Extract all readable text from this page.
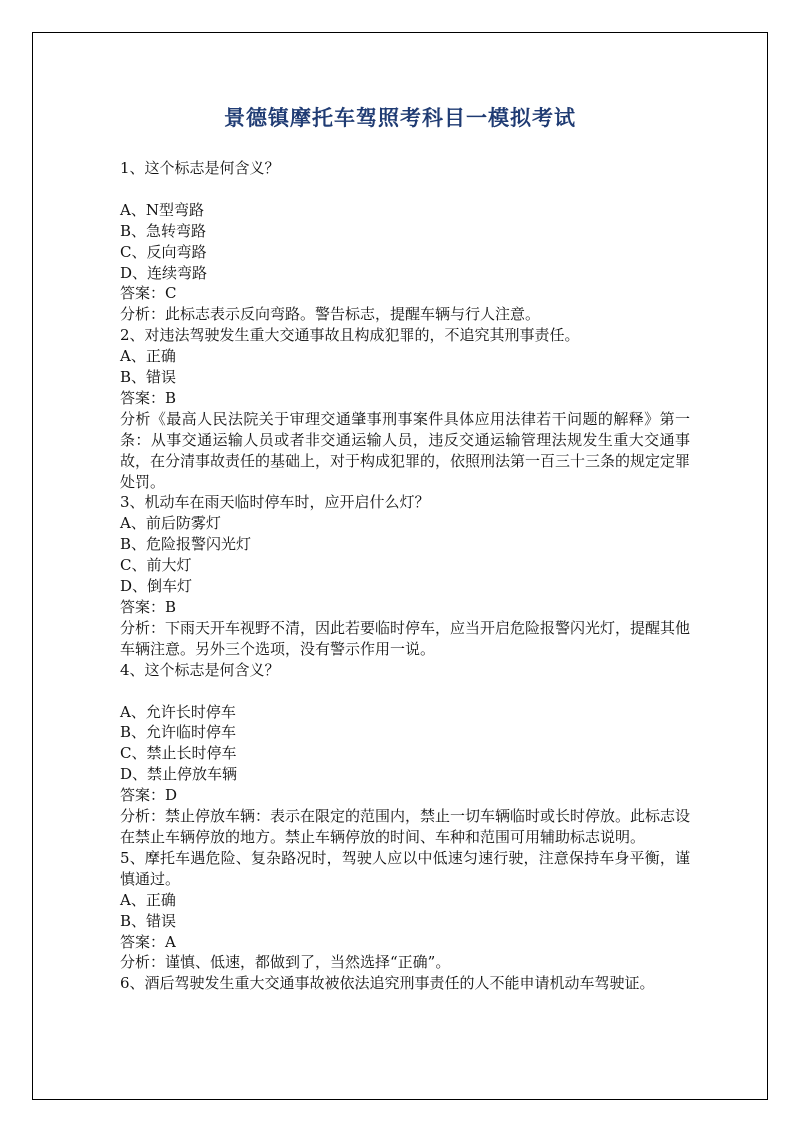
景德镇摩托车驾照考科目一模拟考试
1、这个标志是何含义？
A、N型弯路
B、急转弯路
C、反向弯路
D、连续弯路
答案：C
分析：此标志表示反向弯路。警告标志，提醒车辆与行人注意。
2、对违法驾驶发生重大交通事故且构成犯罪的，不追究其刑事责任。
A、正确
B、错误
答案：B
分析《最高人民法院关于审理交通肇事刑事案件具体应用法律若干问题的解释》第一条：从事交通运输人员或者非交通运输人员，违反交通运输管理法规发生重大交通事故，在分清事故责任的基础上，对于构成犯罪的，依照刑法第一百三十三条的规定定罪处罚。
3、机动车在雨天临时停车时，应开启什么灯？
A、前后防雾灯
B、危险报警闪光灯
C、前大灯
D、倒车灯
答案：B
分析：下雨天开车视野不清，因此若要临时停车，应当开启危险报警闪光灯，提醒其他车辆注意。另外三个选项，没有警示作用一说。
4、这个标志是何含义？
A、允许长时停车
B、允许临时停车
C、禁止长时停车
D、禁止停放车辆
答案：D
分析：禁止停放车辆：表示在限定的范围内，禁止一切车辆临时或长时停放。此标志设在禁止车辆停放的地方。禁止车辆停放的时间、车种和范围可用辅助标志说明。
5、摩托车遇危险、复杂路况时，驾驶人应以中低速匀速行驶，注意保持车身平衡，谨慎通过。
A、正确
B、错误
答案：A
分析：谨慎、低速，都做到了，当然选择“正确”。
6、酒后驾驶发生重大交通事故被依法追究刑事责任的人不能申请机动车驾驶证。
